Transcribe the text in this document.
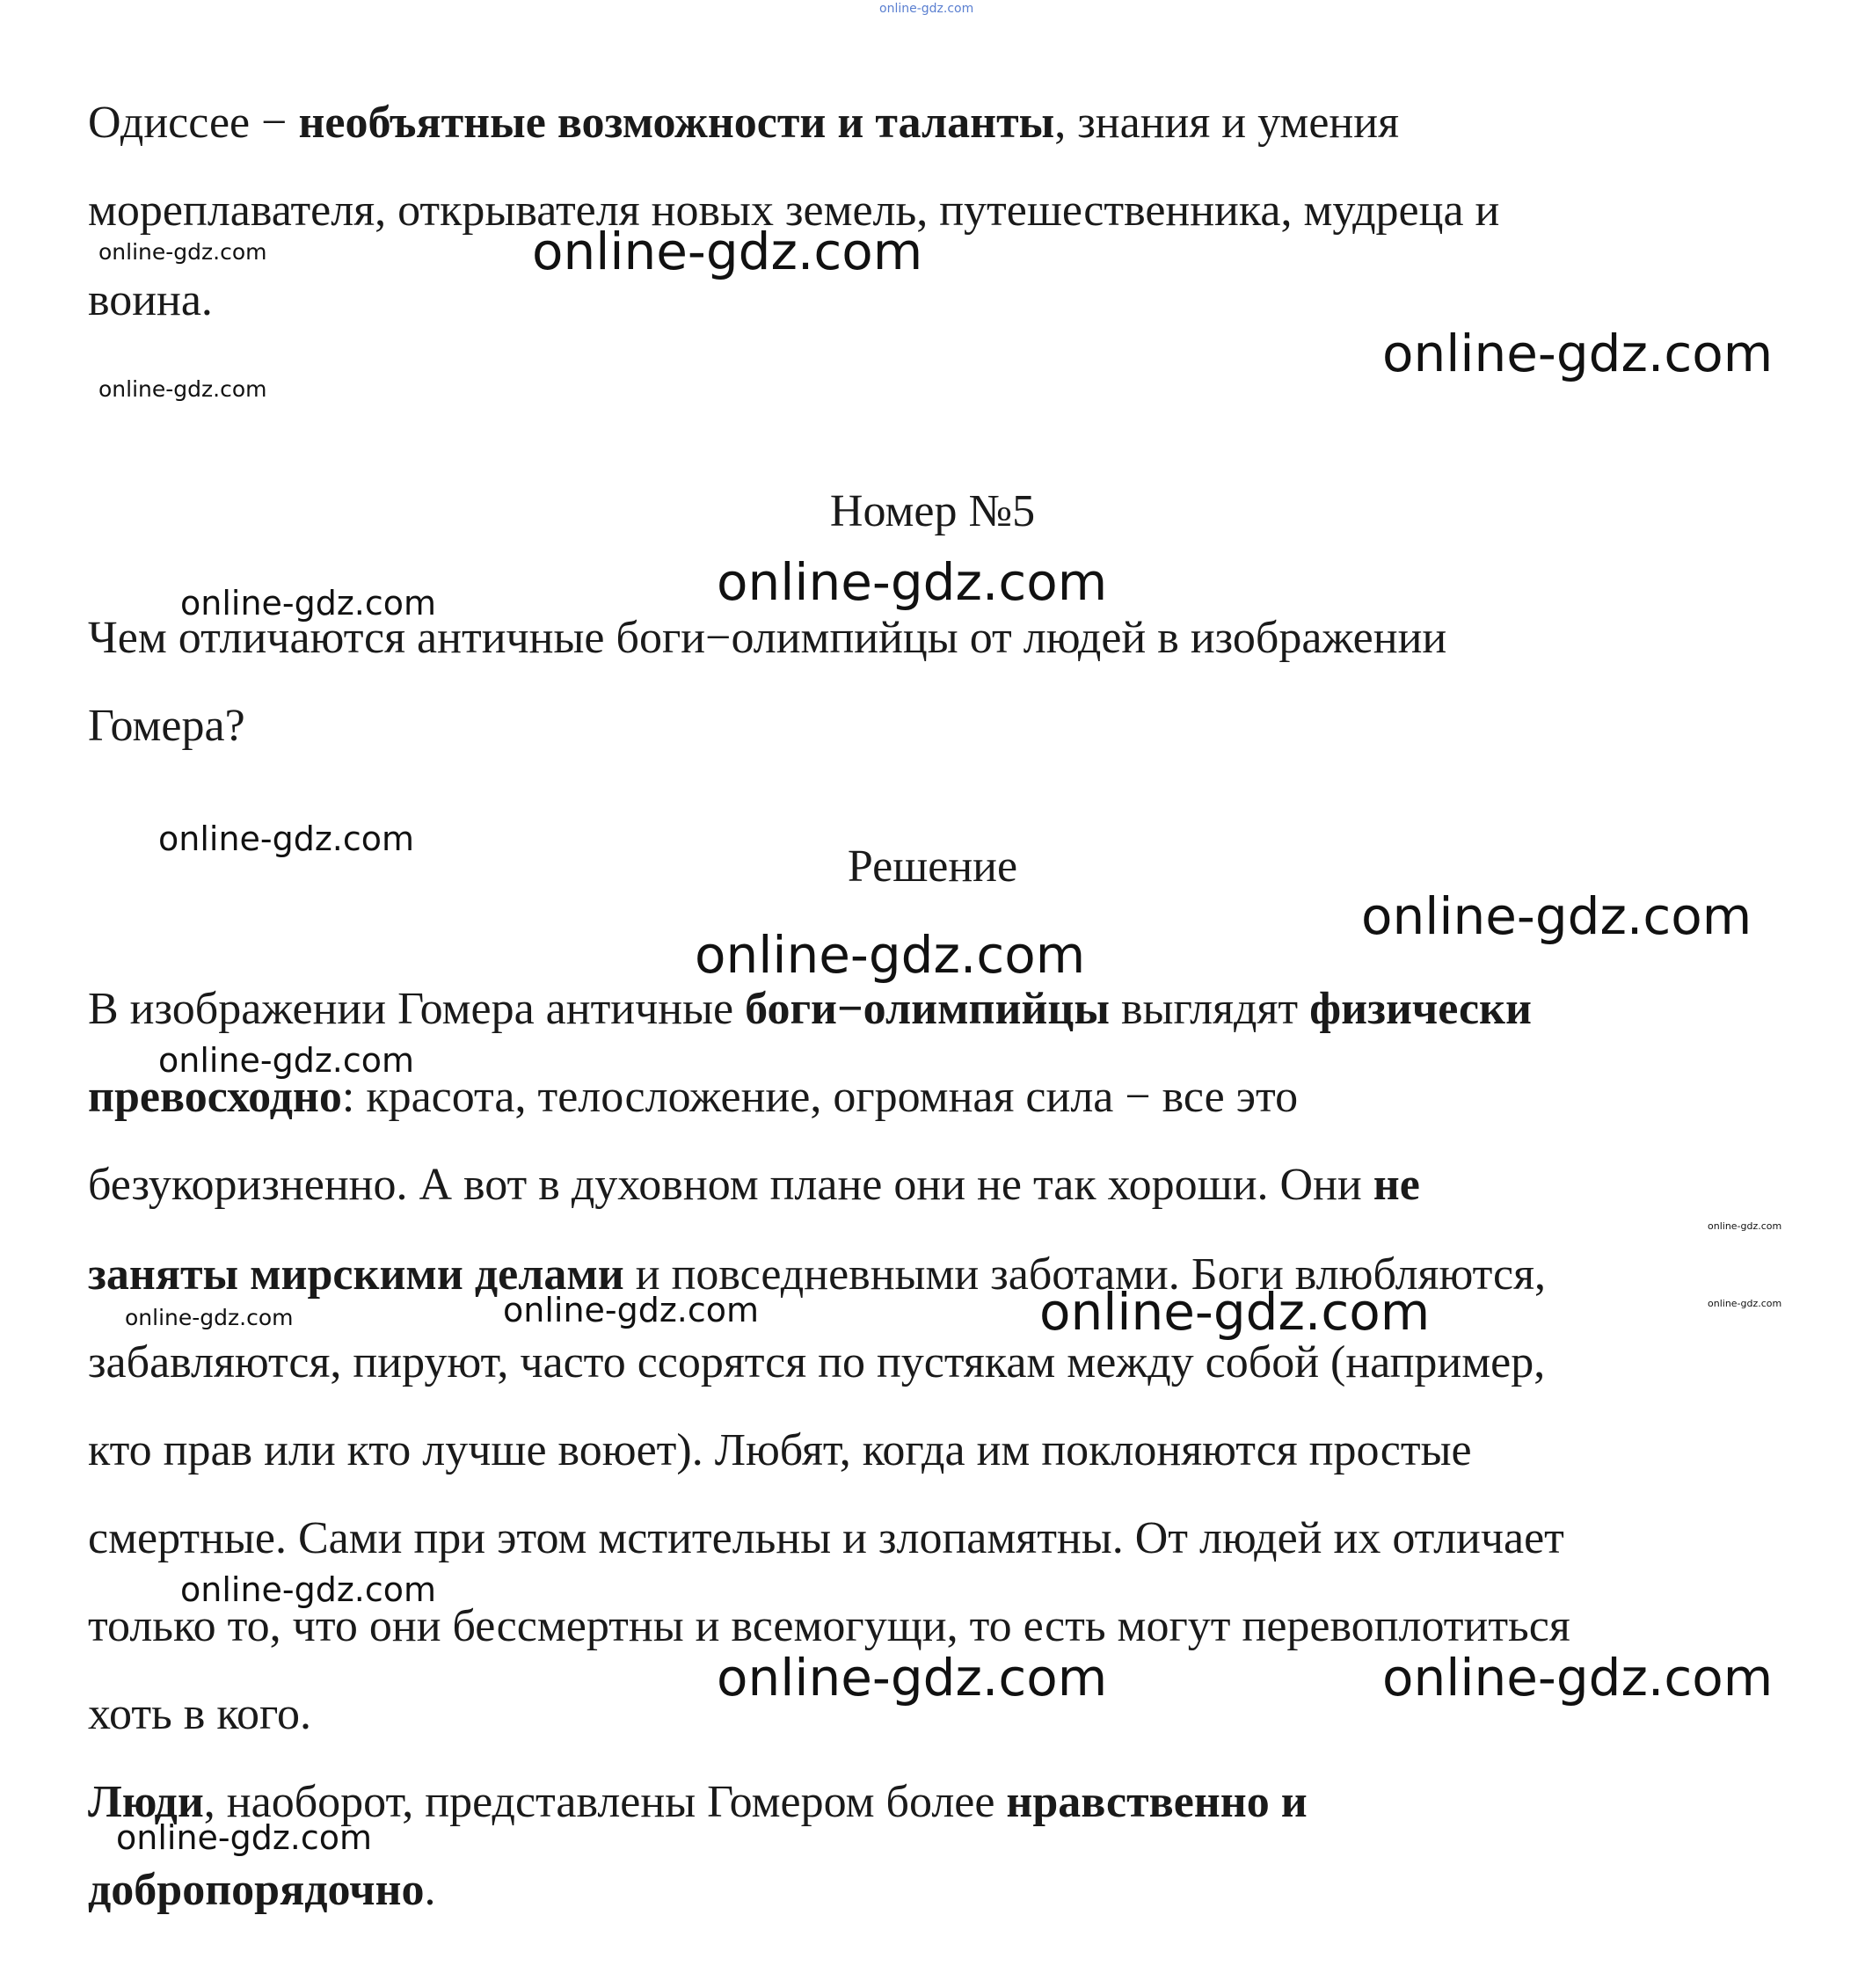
online-gdz.com
Одиссее − необъятные возможности и таланты, знания и умения
мореплавателя, открывателя новых земель, путешественника, мудреца и
воина.
Номер №5
Чем отличаются античные боги−олимпийцы от людей в изображении
Гомера?
Решение
В изображении Гомера античные боги−олимпийцы выглядят физически
превосходно: красота, телосложение, огромная сила − все это
безукоризненно. А вот в духовном плане они не так хороши. Они не
заняты мирскими делами и повседневными заботами. Боги влюбляются,
забавляются, пируют, часто ссорятся по пустякам между собой (например,
кто прав или кто лучше воюет). Любят, когда им поклоняются простые
смертные. Сами при этом мстительны и злопамятны. От людей их отличает
только то, что они бессмертны и всемогущи, то есть могут перевоплотиться
хоть в кого.
Люди, наоборот, представлены Гомером более нравственно и
добропорядочно.
online-gdz.com	online-gdz.com
online-gdz.com
online-gdz.com
online-gdz.com	online-gdz.com
online-gdz.com
online-gdz.com
online-gdz.com
online-gdz.com
online-gdz.com
online-gdz.com
online-gdz.com
online-gdz.com
online-gdz.com
online-gdz.com
online-gdz.com	online-gdz.com
online-gdz.com
